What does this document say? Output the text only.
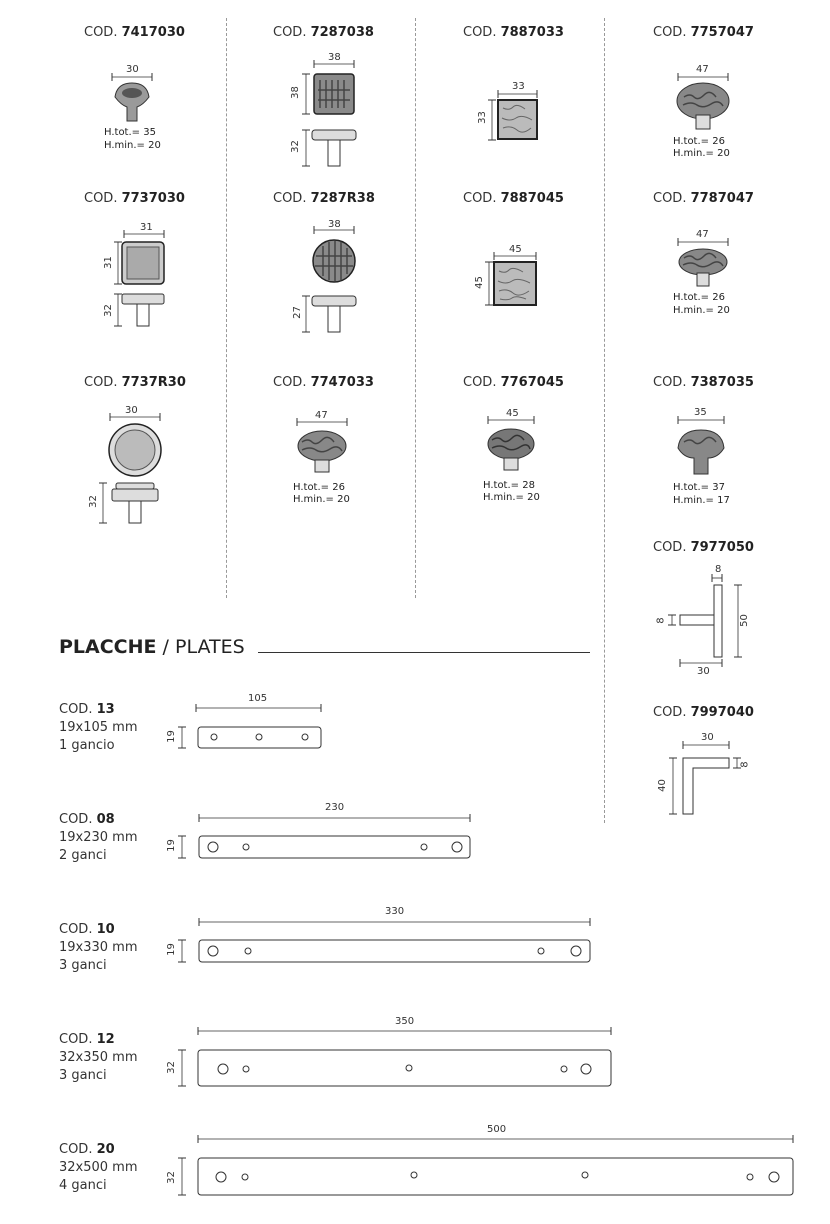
COD. 7417030
30
H.tot.= 35
H.min.= 20
COD. 7287038
38
38
32
COD. 7887033
33
33
COD. 7757047
47
H.tot.= 26
H.min.= 20
COD. 7737030
31
31
32
COD. 7287R38
38
27
COD. 7887045
45
45
COD. 7787047
47
H.tot.= 26
H.min.= 20
COD. 7737R30
30
32
COD. 7747033
47
H.tot.= 26
H.min.= 20
COD. 7767045
45
H.tot.= 28
H.min.= 20
COD. 7387035
35
H.tot.= 37
H.min.= 17
COD. 7977050
8
8	50
30
COD. 7997040
30
8
40
PLACCHE / PLATES
COD. 13
19x105 mm
1 gancio
105
19
COD. 08
19x230 mm
2 ganci
230
19
COD. 10
19x330 mm
3 ganci
330
19
COD. 12
32x350 mm
3 ganci
350
32
COD. 20
32x500 mm
4 ganci
500
32
